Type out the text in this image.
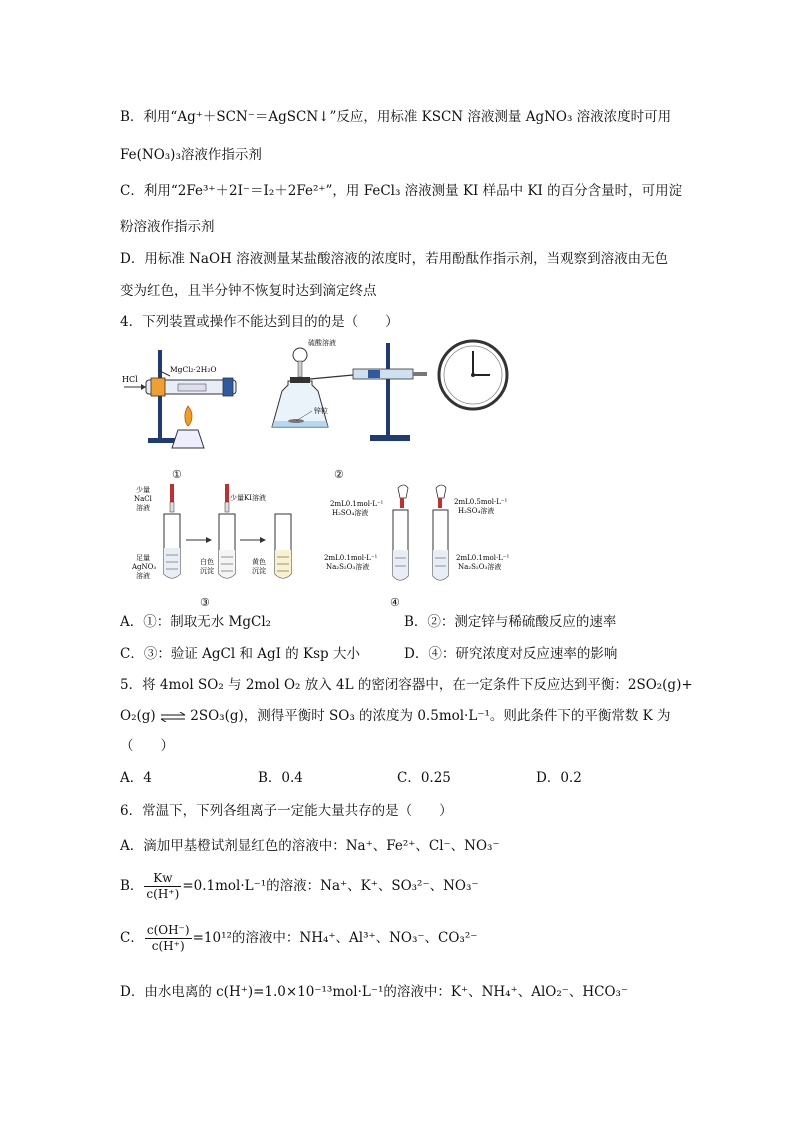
B．利用“Ag⁺＋SCN⁻＝AgSCN↓”反应，用标准 KSCN 溶液测量 AgNO₃ 溶液浓度时可用
Fe(NO₃)₃溶液作指示剂
C．利用“2Fe³⁺＋2I⁻＝I₂＋2Fe²⁺”，用 FeCl₃ 溶液测量 KI 样品中 KI 的百分含量时，可用淀
粉溶液作指示剂
D．用标准 NaOH 溶液测量某盐酸溶液的浓度时，若用酚酞作指示剂，当观察到溶液由无色
变为红色，且半分钟不恢复时达到滴定终点
4．下列装置或操作不能达到目的的是（　　）
HCl
MgCl₂·2H₂O
①
硫酸溶液
锌粒
②
少量
NaCl
溶液
少量KI溶液
足量
AgNO₃
溶液
白色
沉淀
黄色
沉淀
③
2mL0.1mol·L⁻¹
H₂SO₄溶液
2mL0.5mol·L⁻¹
H₂SO₄溶液
2mL0.1mol·L⁻¹
Na₂S₂O₃溶液
2mL0.1mol·L⁻¹
Na₂S₂O₃溶液
④
A．①：制取无水 MgCl₂	B．②：测定锌与稀硫酸反应的速率
C．③：验证 AgCl 和 AgI 的 Ksp 大小	D．④：研究浓度对反应速率的影响
5．将 4mol SO₂ 与 2mol O₂ 放入 4L 的密闭容器中，在一定条件下反应达到平衡：2SO₂(g)+
O₂(g) ⇌ 2SO₃(g)，测得平衡时 SO₃ 的浓度为 0.5mol·L⁻¹。则此条件下的平衡常数 K 为
（　　）
A．4	B．0.4	C．0.25	D．0.2
6．常温下，下列各组离子一定能大量共存的是（　　）
A．滴加甲基橙试剂显红色的溶液中：Na⁺、Fe²⁺、Cl⁻、NO₃⁻
B． $\frac{Kw}{c(H^+)} =0.1mol\cdot L^{-1}$的溶液：Na⁺、K⁺、SO₃²⁻、NO₃⁻
C． $\frac{c(OH^-)}{c(H^+)} =10^{12}$的溶液中：NH₄⁺、Al³⁺、NO₃⁻、CO₃²⁻
D．由水电离的 c(H⁺)=1.0×10⁻¹³mol·L⁻¹的溶液中：K⁺、NH₄⁺、AlO₂⁻、HCO₃⁻
